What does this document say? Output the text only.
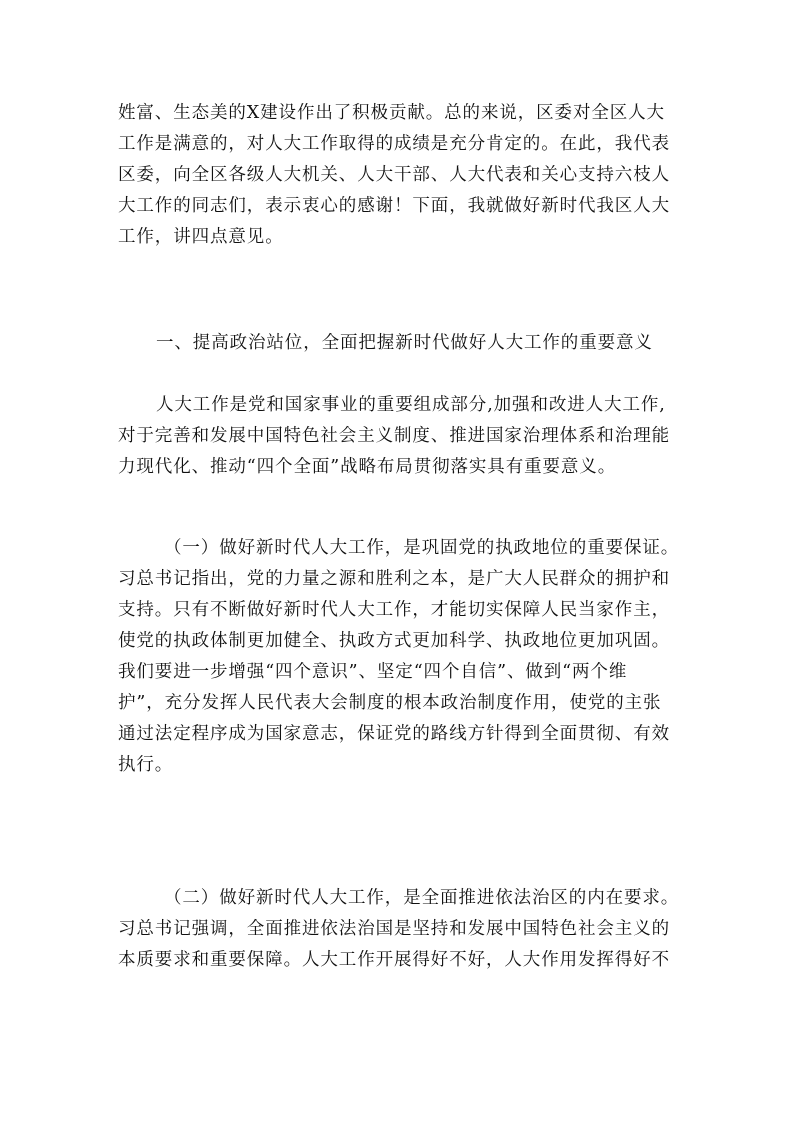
姓富、生态美的X建设作出了积极贡献。总的来说，区委对全区人大
工作是满意的，对人大工作取得的成绩是充分肯定的。在此，我代表
区委，向全区各级人大机关、人大干部、人大代表和关心支持六枝人
大工作的同志们，表示衷心的感谢！下面，我就做好新时代我区人大
工作，讲四点意见。
一、提高政治站位，全面把握新时代做好人大工作的重要意义
人大工作是党和国家事业的重要组成部分,加强和改进人大工作,
对于完善和发展中国特色社会主义制度、推进国家治理体系和治理能
力现代化、推动“四个全面”战略布局贯彻落实具有重要意义。
（一）做好新时代人大工作，是巩固党的执政地位的重要保证。
习总书记指出，党的力量之源和胜利之本，是广大人民群众的拥护和
支持。只有不断做好新时代人大工作，才能切实保障人民当家作主，
使党的执政体制更加健全、执政方式更加科学、执政地位更加巩固。
我们要进一步增强“四个意识”、坚定“四个自信”、做到“两个维
护”，充分发挥人民代表大会制度的根本政治制度作用，使党的主张
通过法定程序成为国家意志，保证党的路线方针得到全面贯彻、有效
执行。
（二）做好新时代人大工作，是全面推进依法治区的内在要求。
习总书记强调，全面推进依法治国是坚持和发展中国特色社会主义的
本质要求和重要保障。人大工作开展得好不好，人大作用发挥得好不
